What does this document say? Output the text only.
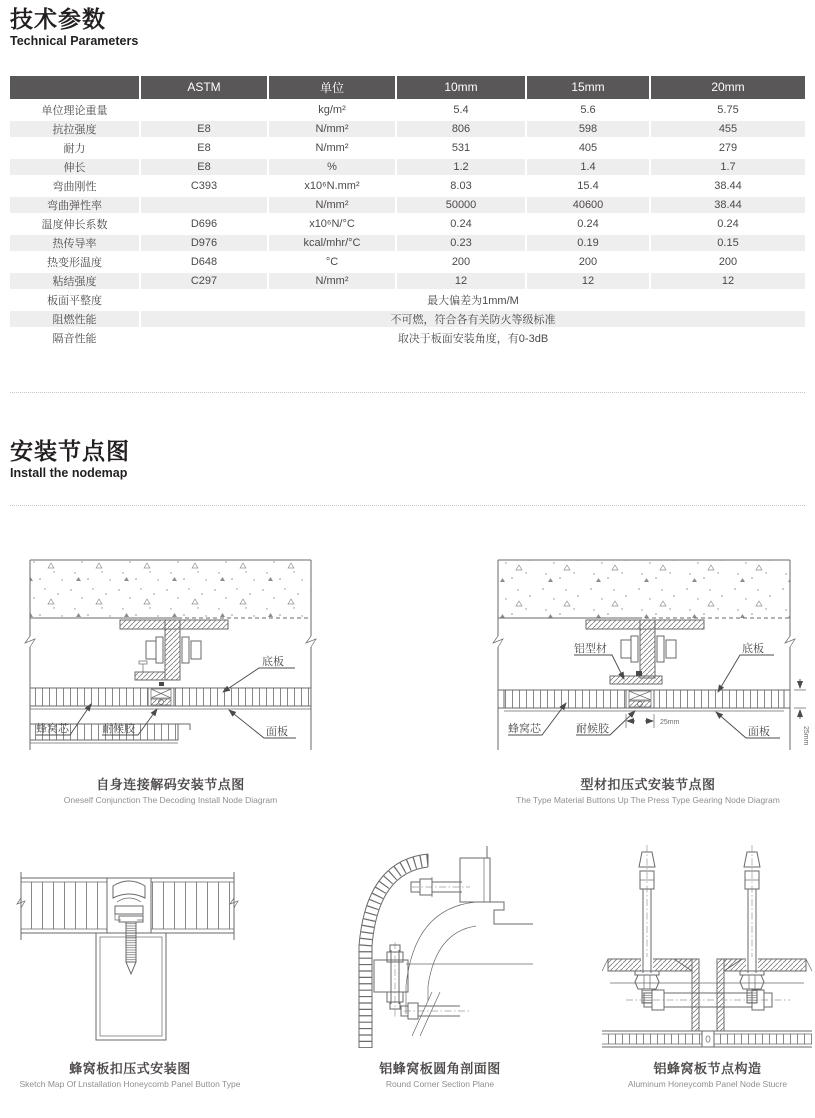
技术参数
Technical Parameters
	ASTM	单位	10mm	15mm	20mm
单位理论重量		kg/m²	5.4	5.6	5.75
抗拉强度	E8	N/mm²	806	598	455
耐力	E8	N/mm²	531	405	279
伸长	E8	%	1.2	1.4	1.7
弯曲刚性	C393	x10⁶N.mm²	8.03	15.4	38.44
弯曲弹性率		N/mm²	50000	40600	38.44
温度伸长系数	D696	x10⁶N/°C	0.24	0.24	0.24
热传导率	D976	kcal/mhr/°C	0.23	0.19	0.15
热变形温度	D648	°C	200	200	200
粘结强度	C297	N/mm²	12	12	12
板面平整度	最大偏差为1mm/M				
阻燃性能	不可燃，符合各有关防火等级标准				
隔音性能	取决于板面安装角度，有0-3dB				
安装节点图
Install the nodemap
底板
蜂窝芯	耐候胶	面板
铝型材	底板
蜂窝芯	耐候胶	面板
25mm
25mm
自身连接解码安装节点图
Oneself Conjunction The Decoding Install Node Diagram
型材扣压式安装节点图
The Type Material Buttons Up The Press Type Gearing Node Diagram
蜂窝板扣压式安装图
Sketch Map Of Lnstallation Honeycomb Panel Button Type
铝蜂窝板圆角剖面图
Round Corner Section Plane
铝蜂窝板节点构造
Aluminum Honeycomb Panel Node Stucre
